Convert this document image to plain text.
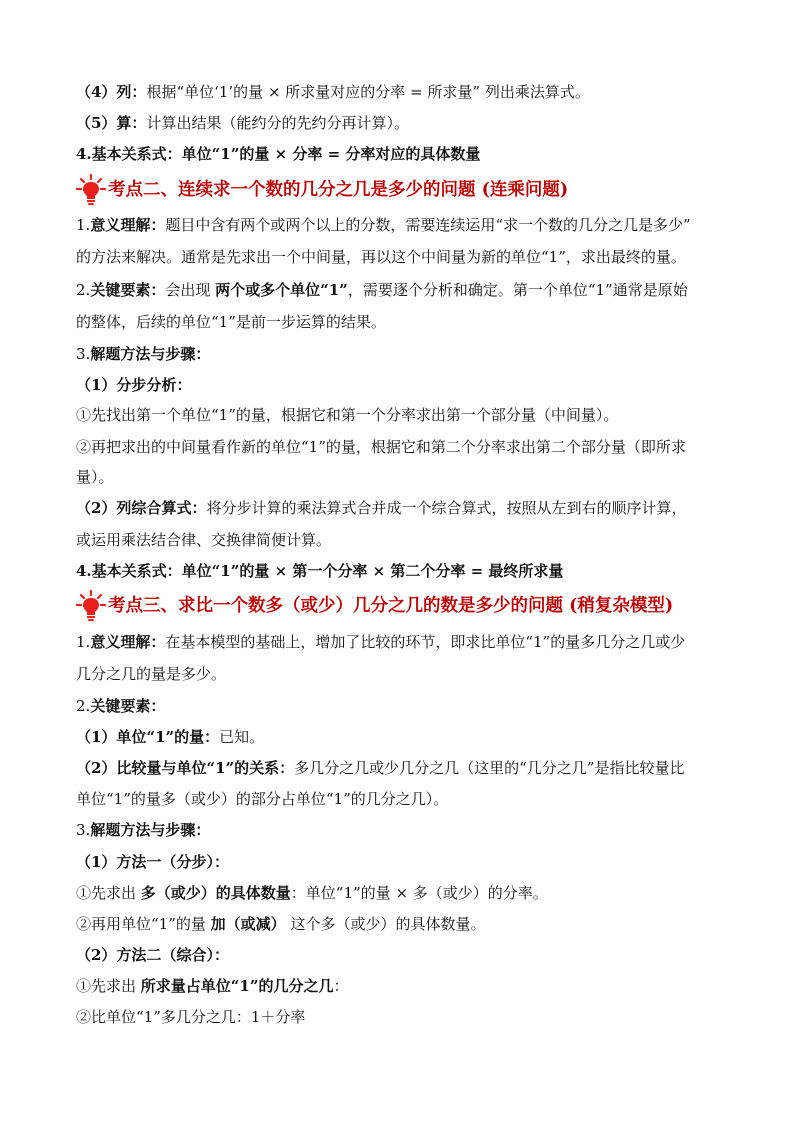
（4）列：根据“单位‘1’的量 × 所求量对应的分率 = 所求量” 列出乘法算式。
（5）算：计算出结果（能约分的先约分再计算）。
4.基本关系式：单位“1”的量 × 分率 = 分率对应的具体数量
考点二、连续求一个数的几分之几是多少的问题 (连乘问题)
1.意义理解：题目中含有两个或两个以上的分数，需要连续运用“求一个数的几分之几是多少”
的方法来解决。通常是先求出一个中间量，再以这个中间量为新的单位“1”，求出最终的量。
2.关键要素：会出现 两个或多个单位“1”，需要逐个分析和确定。第一个单位“1”通常是原始
的整体，后续的单位“1”是前一步运算的结果。
3.解题方法与步骤：
（1）分步分析：
①先找出第一个单位“1”的量，根据它和第一个分率求出第一个部分量（中间量）。
②再把求出的中间量看作新的单位“1”的量，根据它和第二个分率求出第二个部分量（即所求
量）。
（2）列综合算式：将分步计算的乘法算式合并成一个综合算式，按照从左到右的顺序计算，
或运用乘法结合律、交换律简便计算。
4.基本关系式：单位“1”的量 × 第一个分率 × 第二个分率 = 最终所求量
考点三、求比一个数多（或少）几分之几的数是多少的问题 (稍复杂模型)
1.意义理解：在基本模型的基础上，增加了比较的环节，即求比单位“1”的量多几分之几或少
几分之几的量是多少。
2.关键要素：
（1）单位“1”的量：已知。
（2）比较量与单位“1”的关系：多几分之几或少几分之几（这里的“几分之几”是指比较量比
单位“1”的量多（或少）的部分占单位“1”的几分之几）。
3.解题方法与步骤：
（1）方法一（分步）：
①先求出 多（或少）的具体数量：单位“1”的量 × 多（或少）的分率。
②再用单位“1”的量 加（或减） 这个多（或少）的具体数量。
（2）方法二（综合）：
①先求出 所求量占单位“1”的几分之几：
②比单位“1”多几分之几：1＋分率
